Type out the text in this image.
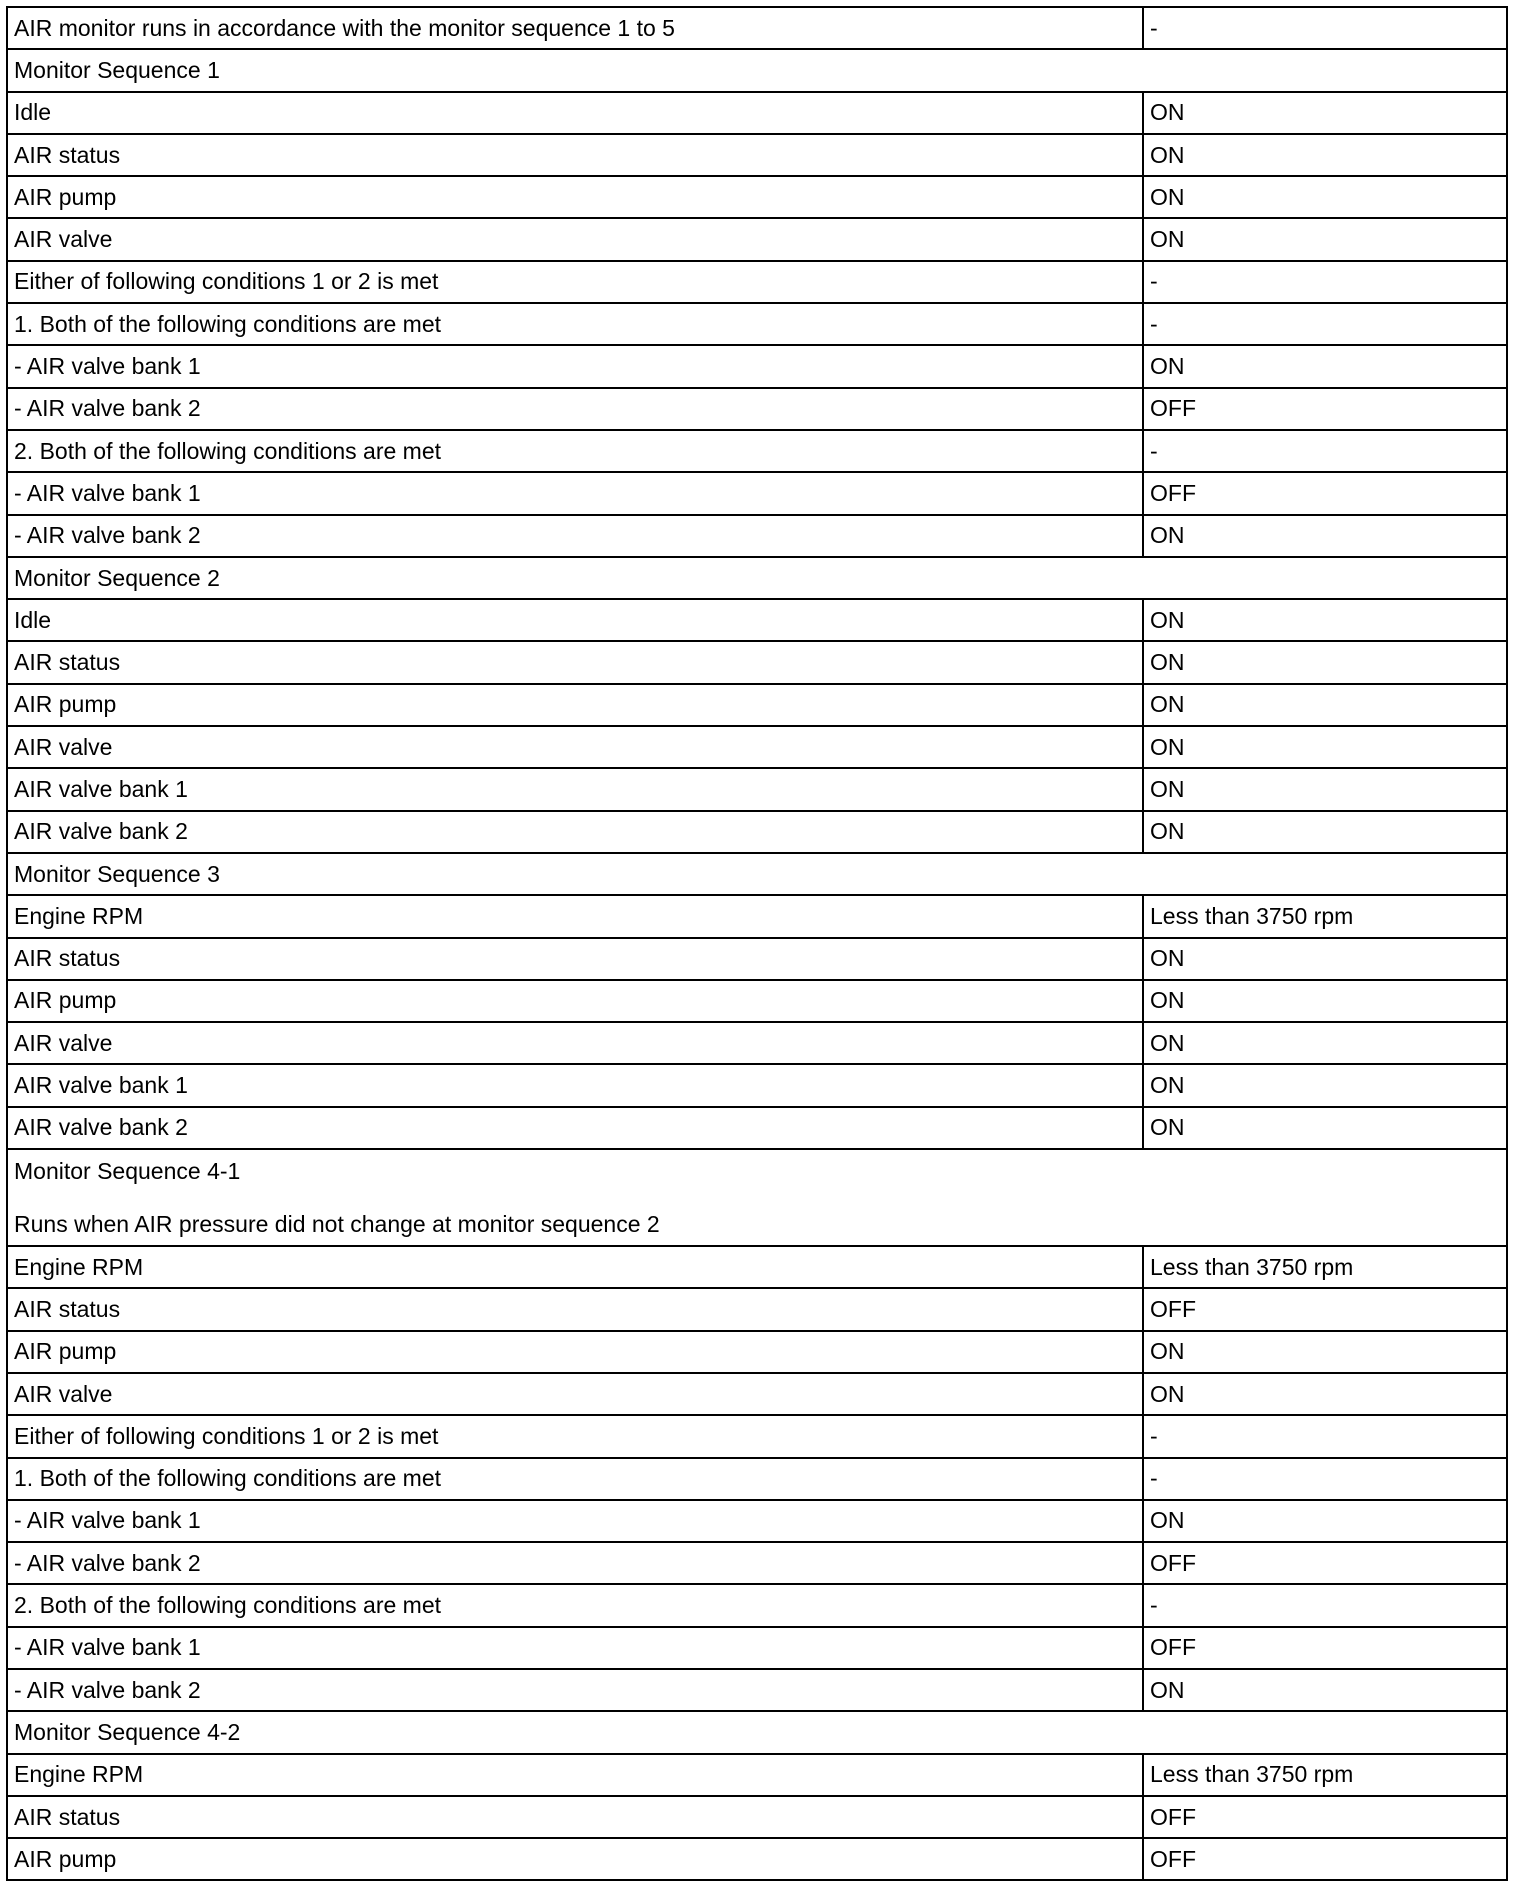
AIR monitor runs in accordance with the monitor sequence 1 to 5	-
Monitor Sequence 1
Idle	ON
AIR status	ON
AIR pump	ON
AIR valve	ON
Either of following conditions 1 or 2 is met	-
1. Both of the following conditions are met	-
- AIR valve bank 1	ON
- AIR valve bank 2	OFF
2. Both of the following conditions are met	-
- AIR valve bank 1	OFF
- AIR valve bank 2	ON
Monitor Sequence 2
Idle	ON
AIR status	ON
AIR pump	ON
AIR valve	ON
AIR valve bank 1	ON
AIR valve bank 2	ON
Monitor Sequence 3
Engine RPM	Less than 3750 rpm
AIR status	ON
AIR pump	ON
AIR valve	ON
AIR valve bank 1	ON
AIR valve bank 2	ON
Monitor Sequence 4-1
Runs when AIR pressure did not change at monitor sequence 2
Engine RPM	Less than 3750 rpm
AIR status	OFF
AIR pump	ON
AIR valve	ON
Either of following conditions 1 or 2 is met	-
1. Both of the following conditions are met	-
- AIR valve bank 1	ON
- AIR valve bank 2	OFF
2. Both of the following conditions are met	-
- AIR valve bank 1	OFF
- AIR valve bank 2	ON
Monitor Sequence 4-2
Engine RPM	Less than 3750 rpm
AIR status	OFF
AIR pump	OFF
